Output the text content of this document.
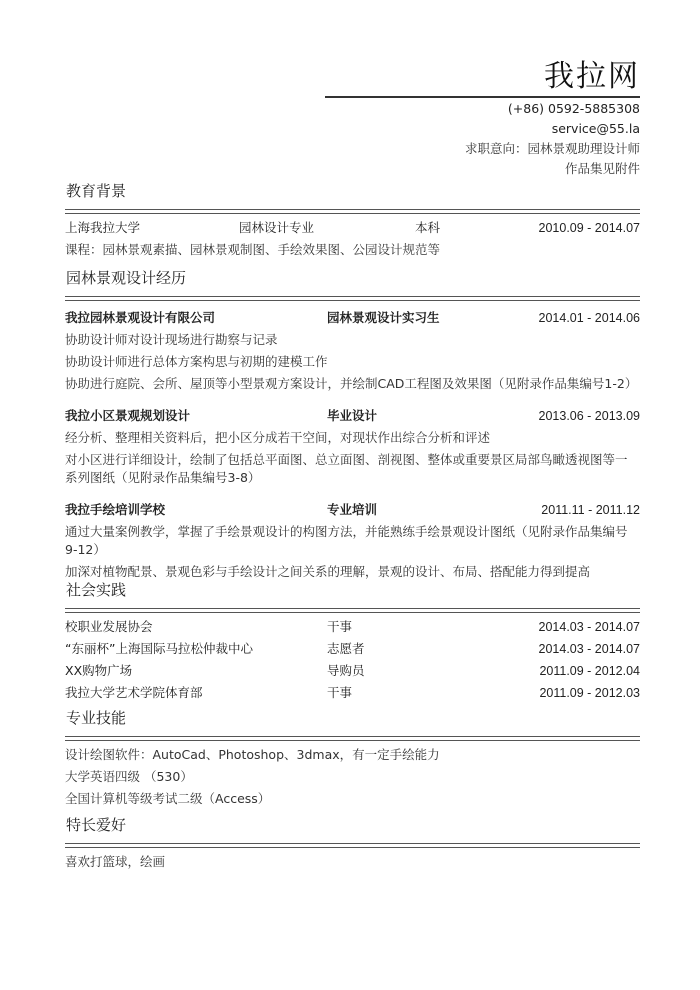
我拉网
(+86) 0592-5885308
service@55.la
求职意向：园林景观助理设计师
作品集见附件
教育背景
上海我拉大学	园林设计专业	本科	2010.09 - 2014.07
课程：园林景观素描、园林景观制图、手绘效果图、公园设计规范等
园林景观设计经历
我拉园林景观设计有限公司	园林景观设计实习生	2014.01 - 2014.06
协助设计师对设计现场进行勘察与记录
协助设计师进行总体方案构思与初期的建模工作
协助进行庭院、会所、屋顶等小型景观方案设计，并绘制CAD工程图及效果图（见附录作品集编号1-2）
我拉小区景观规划设计	毕业设计	2013.06 - 2013.09
经分析、整理相关资料后，把小区分成若干空间，对现状作出综合分析和评述
对小区进行详细设计，绘制了包括总平面图、总立面图、剖视图、整体或重要景区局部鸟瞰透视图等一系列图纸（见附录作品集编号3-8）
我拉手绘培训学校	专业培训	2011.11 - 2011.12
通过大量案例教学，掌握了手绘景观设计的构图方法，并能熟练手绘景观设计图纸（见附录作品集编号9-12）
加深对植物配景、景观色彩与手绘设计之间关系的理解，景观的设计、布局、搭配能力得到提高
社会实践
校职业发展协会	干事	2014.03 - 2014.07
“东丽杯”上海国际马拉松仲裁中心	志愿者	2014.03 - 2014.07
XX购物广场	导购员	2011.09 - 2012.04
我拉大学艺术学院体育部	干事	2011.09 - 2012.03
专业技能
设计绘图软件：AutoCad、Photoshop、3dmax，有一定手绘能力
大学英语四级 （530）
全国计算机等级考试二级（Access）
特长爱好
喜欢打篮球，绘画
